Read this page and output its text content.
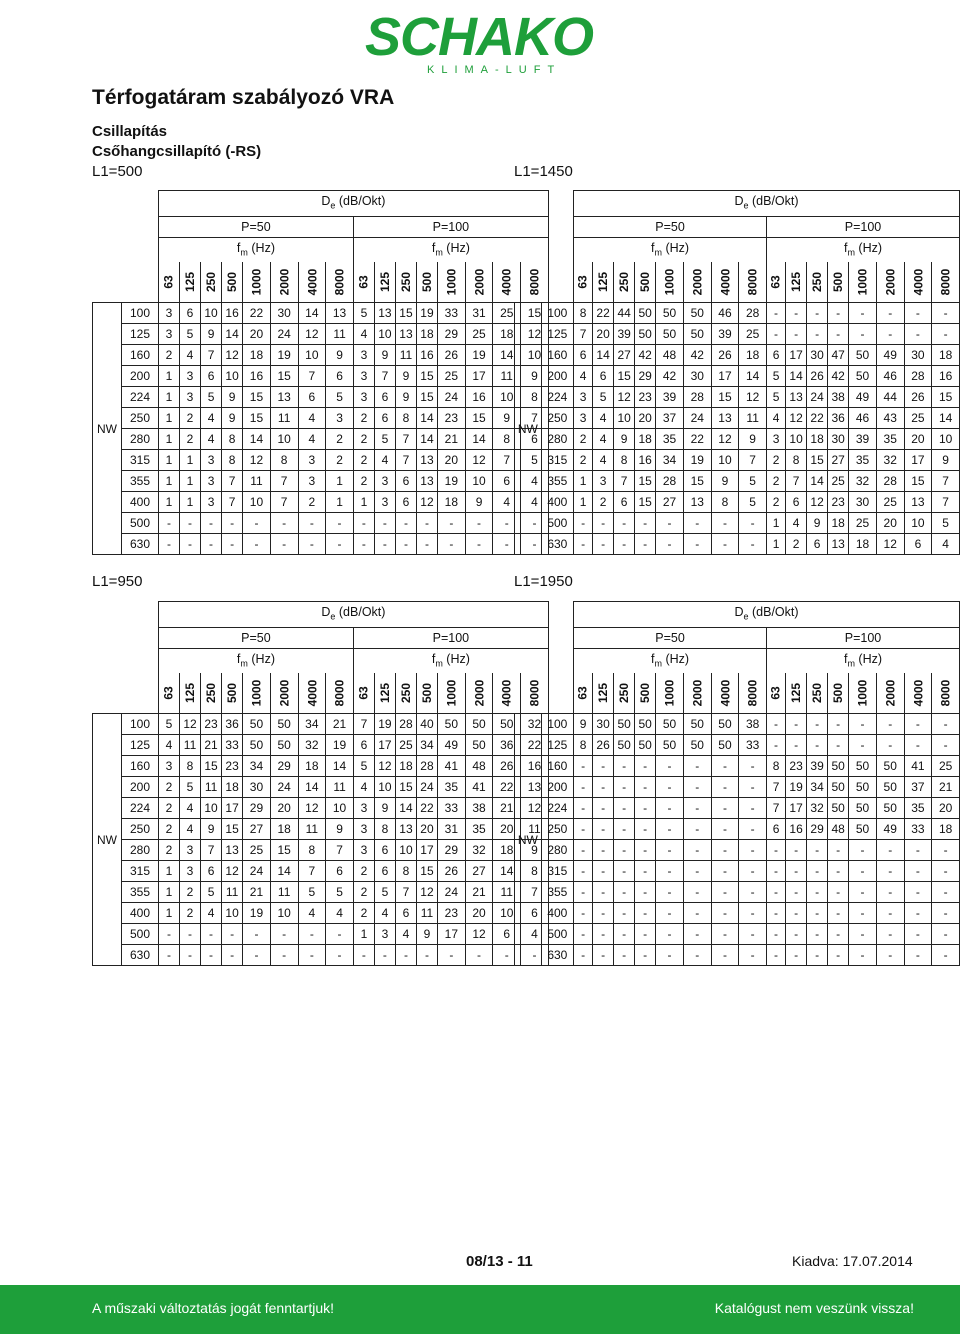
SCHAKO
KLIMA-LUFT
Térfogatáram szabályozó VRA
Csillapítás
Csőhangcsillapító (-RS)
L1=500	L1=1450
L1=950	L1=1950
		$D_e$ (dB/Okt)															
		P=50								P=100							
		$f_m$ (Hz)								$f_m$ (Hz)							
		63	125	250	500	1000	2000	4000	8000	63	125	250	500	1000	2000	4000	8000
NW	100	3	6	10	16	22	30	14	13	5	13	15	19	33	31	25	15
	125	3	5	9	14	20	24	12	11	4	10	13	18	29	25	18	12
	160	2	4	7	12	18	19	10	9	3	9	11	16	26	19	14	10
	200	1	3	6	10	16	15	7	6	3	7	9	15	25	17	11	9
	224	1	3	5	9	15	13	6	5	3	6	9	15	24	16	10	8
	250	1	2	4	9	15	11	4	3	2	6	8	14	23	15	9	7
	280	1	2	4	8	14	10	4	2	2	5	7	14	21	14	8	6
	315	1	1	3	8	12	8	3	2	2	4	7	13	20	12	7	5
	355	1	1	3	7	11	7	3	1	2	3	6	13	19	10	6	4
	400	1	1	3	7	10	7	2	1	1	3	6	12	18	9	4	4
	500	-	-	-	-	-	-	-	-	-	-	-	-	-	-	-	-
	630	-	-	-	-	-	-	-	-	-	-	-	-	-	-	-	-
		$D_e$ (dB/Okt)															
		P=50								P=100							
		$f_m$ (Hz)								$f_m$ (Hz)							
		63	125	250	500	1000	2000	4000	8000	63	125	250	500	1000	2000	4000	8000
NW	100	8	22	44	50	50	50	46	28	-	-	-	-	-	-	-	-
	125	7	20	39	50	50	50	39	25	-	-	-	-	-	-	-	-
	160	6	14	27	42	48	42	26	18	6	17	30	47	50	49	30	18
	200	4	6	15	29	42	30	17	14	5	14	26	42	50	46	28	16
	224	3	5	12	23	39	28	15	12	5	13	24	38	49	44	26	15
	250	3	4	10	20	37	24	13	11	4	12	22	36	46	43	25	14
	280	2	4	9	18	35	22	12	9	3	10	18	30	39	35	20	10
	315	2	4	8	16	34	19	10	7	2	8	15	27	35	32	17	9
	355	1	3	7	15	28	15	9	5	2	7	14	25	32	28	15	7
	400	1	2	6	15	27	13	8	5	2	6	12	23	30	25	13	7
	500	-	-	-	-	-	-	-	-	1	4	9	18	25	20	10	5
	630	-	-	-	-	-	-	-	-	1	2	6	13	18	12	6	4
		$D_e$ (dB/Okt)															
		P=50								P=100							
		$f_m$ (Hz)								$f_m$ (Hz)							
		63	125	250	500	1000	2000	4000	8000	63	125	250	500	1000	2000	4000	8000
NW	100	5	12	23	36	50	50	34	21	7	19	28	40	50	50	50	32
	125	4	11	21	33	50	50	32	19	6	17	25	34	49	50	36	22
	160	3	8	15	23	34	29	18	14	5	12	18	28	41	48	26	16
	200	2	5	11	18	30	24	14	11	4	10	15	24	35	41	22	13
	224	2	4	10	17	29	20	12	10	3	9	14	22	33	38	21	12
	250	2	4	9	15	27	18	11	9	3	8	13	20	31	35	20	11
	280	2	3	7	13	25	15	8	7	3	6	10	17	29	32	18	9
	315	1	3	6	12	24	14	7	6	2	6	8	15	26	27	14	8
	355	1	2	5	11	21	11	5	5	2	5	7	12	24	21	11	7
	400	1	2	4	10	19	10	4	4	2	4	6	11	23	20	10	6
	500	-	-	-	-	-	-	-	-	1	3	4	9	17	12	6	4
	630	-	-	-	-	-	-	-	-	-	-	-	-	-	-	-	-
		$D_e$ (dB/Okt)															
		P=50								P=100							
		$f_m$ (Hz)								$f_m$ (Hz)							
		63	125	250	500	1000	2000	4000	8000	63	125	250	500	1000	2000	4000	8000
NW	100	9	30	50	50	50	50	50	38	-	-	-	-	-	-	-	-
	125	8	26	50	50	50	50	50	33	-	-	-	-	-	-	-	-
	160	-	-	-	-	-	-	-	-	8	23	39	50	50	50	41	25
	200	-	-	-	-	-	-	-	-	7	19	34	50	50	50	37	21
	224	-	-	-	-	-	-	-	-	7	17	32	50	50	50	35	20
	250	-	-	-	-	-	-	-	-	6	16	29	48	50	49	33	18
	280	-	-	-	-	-	-	-	-	-	-	-	-	-	-	-	-
	315	-	-	-	-	-	-	-	-	-	-	-	-	-	-	-	-
	355	-	-	-	-	-	-	-	-	-	-	-	-	-	-	-	-
	400	-	-	-	-	-	-	-	-	-	-	-	-	-	-	-	-
	500	-	-	-	-	-	-	-	-	-	-	-	-	-	-	-	-
	630	-	-	-	-	-	-	-	-	-	-	-	-	-	-	-	-
08/13 - 11	Kiadva: 17.07.2014
A műszaki változtatás jogát fenntartjuk!	Katalógust nem veszünk vissza!
